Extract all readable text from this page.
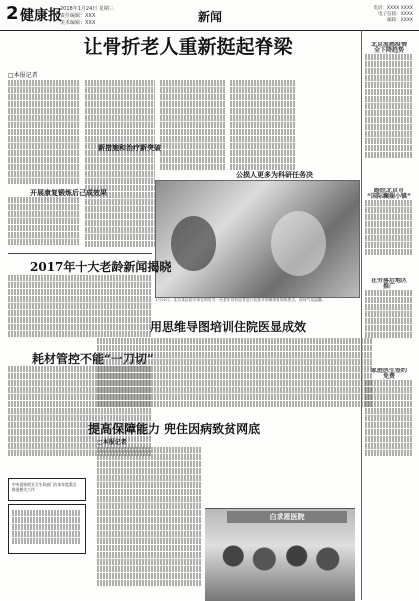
2 健康报
2018年1月24日 星期三
责任编辑：XXX
美术编辑：XXX	新闻
电话：XXXX XXXX
电子信箱：XXXX
邮箱：XXXX
让骨折老人重新挺起脊梁
□本报记者
开展康复锻炼后己成效果
新措施和治疗新突破
公损人更多为科研任务决
1月22日，北京某医院专家在病房为一名老年骨折患者进行检查并讲解康复锻炼要点，现场气氛温馨。
2017年十大老龄新闻揭晓
耗材管控不能“一刀切”
中央国家机关卫生局部门在本年度重点推进相关工作
用思维导图培训住院医显成效
提高保障能力 兜住因病致贫网底
□本报记者
北京流感疫情
全下降趋势
路经北京市
“国际癫痫小镇”
在穷落后地区
推广
家庭医生签约
免费
白求恩医院
